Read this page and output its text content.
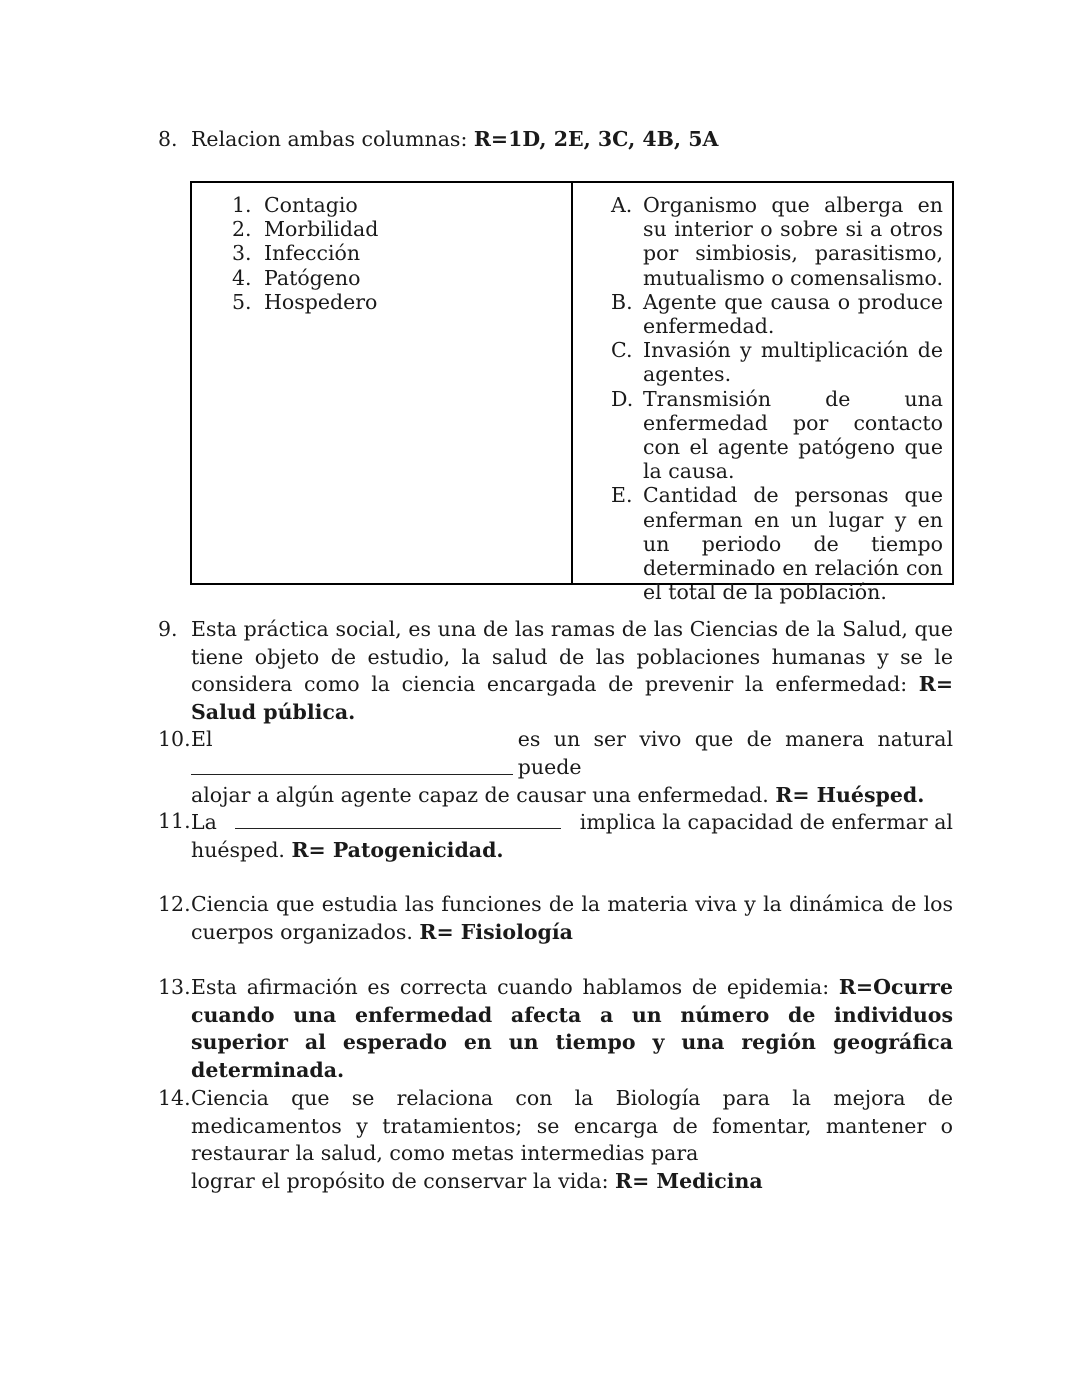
8. Relacion ambas columnas: R=1D, 2E, 3C, 4B, 5A
1. Contagio
2. Morbilidad
3. Infección
4. Patógeno
5. Hospedero
A. Organismo que alberga en su interior o sobre si a otros por simbiosis, parasitismo, mutualismo o comensalismo.
B. Agente que causa o produce enfermedad.
C. Invasión y multiplicación de agentes.
D. Transmisión de una enfermedad por contacto con el agente patógeno que la causa.
E. Cantidad de personas que enferman en un lugar y en un periodo de tiempo determinado en relación con el total de la población.
9. Esta práctica social, es una de las ramas de las Ciencias de la Salud, que tiene objeto de estudio, la salud de las poblaciones humanas y se le considera como la ciencia encargada de prevenir la enfermedad: R= Salud pública.
10. El	es un ser vivo que de manera natural puede
alojar a algún agente capaz de causar una enfermedad. R= Huésped.
11. La	implica la capacidad de enfermar al
huésped. R= Patogenicidad.
12. Ciencia que estudia las funciones de la materia viva y la dinámica de los cuerpos organizados. R= Fisiología
13. Esta afirmación es correcta cuando hablamos de epidemia: R=Ocurre cuando una enfermedad afecta a un número de individuos superior al esperado en un tiempo y una región geográfica determinada.
14. Ciencia que se relaciona con la Biología para la mejora de medicamentos y tratamientos; se encarga de fomentar, mantener o restaurar la salud, como metas intermedias para
lograr el propósito de conservar la vida: R= Medicina
